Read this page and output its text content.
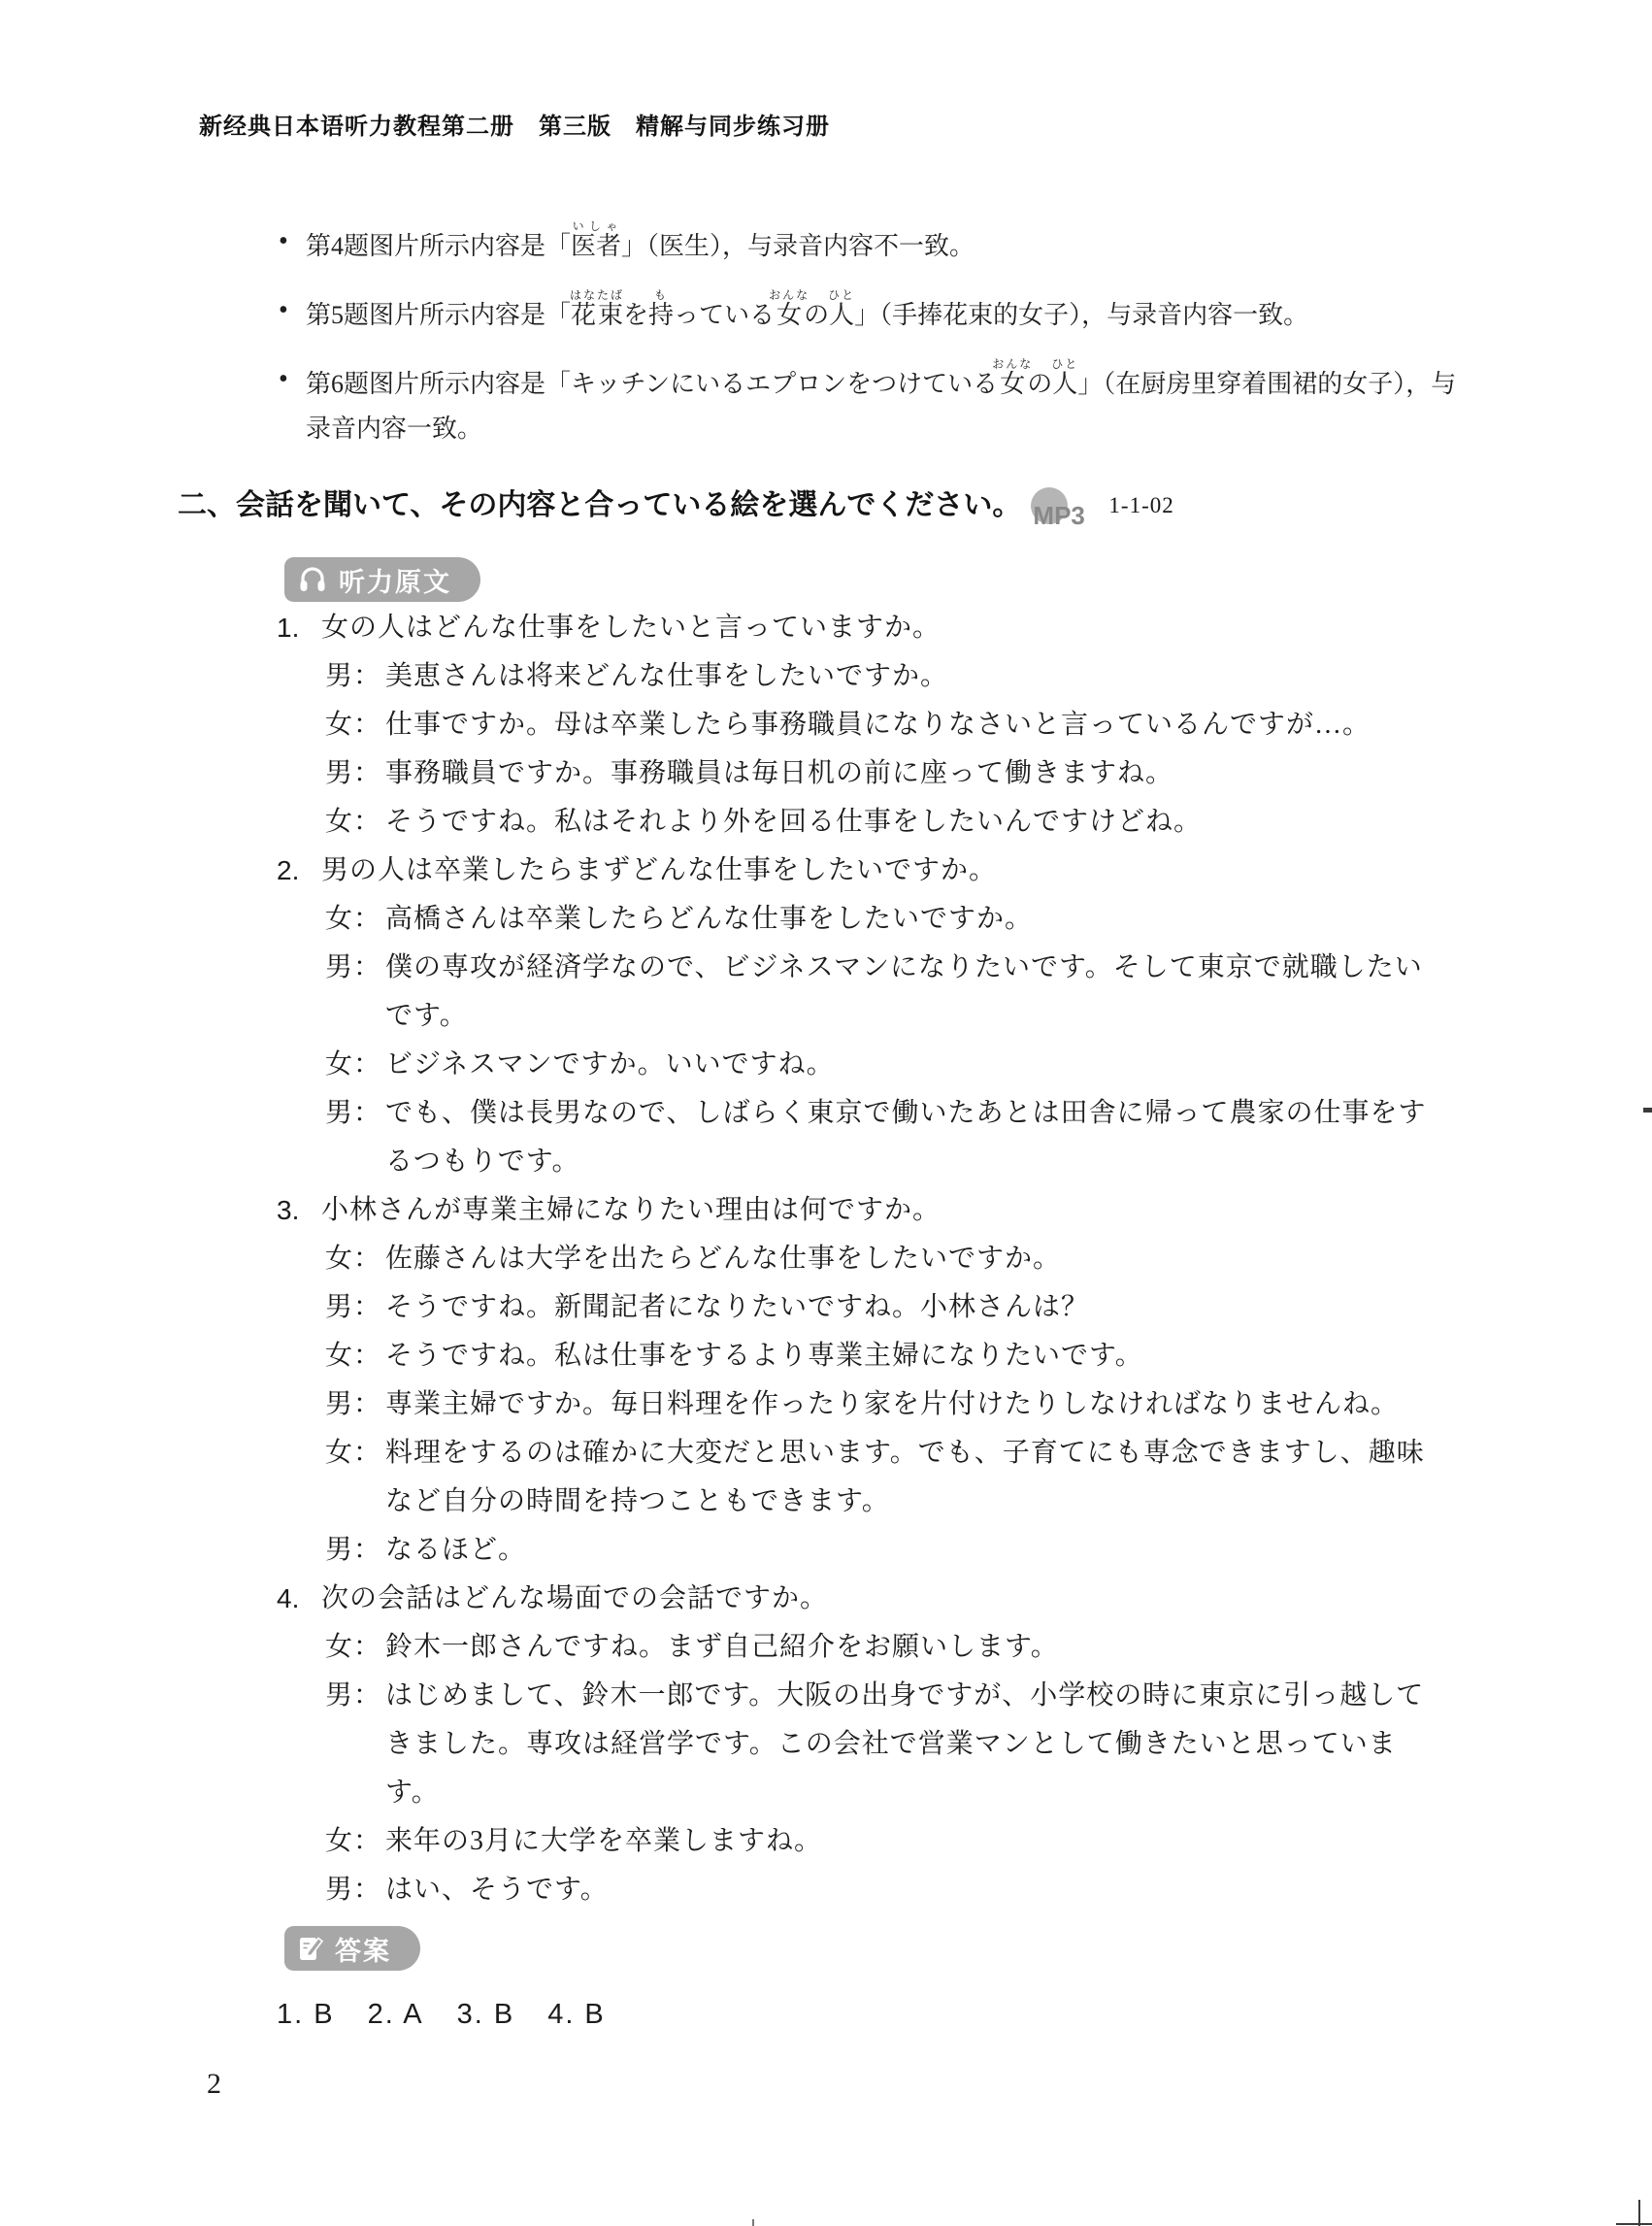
新经典日本语听力教程第二册　第三版　精解与同步练习册
• 第4题图片所示内容是「医者いしゃ」（医生），与录音内容不一致。
• 第5题图片所示内容是「花束はなたばを持もっている女おんなの人ひと」（手捧花束的女子），与录音内容一致。
• 第6题图片所示内容是「キッチンにいるエプロンをつけている女おんなの人ひと」（在厨房里穿着围裙的女子），与录音内容一致。
二、会話を聞いて、その内容と合っている絵を選んでください。 MP3 1-1-02
听力原文
1. 女の人はどんな仕事をしたいと言っていますか。
男： 美恵さんは将来どんな仕事をしたいですか。
女： 仕事ですか。母は卒業したら事務職員になりなさいと言っているんですが…。
男： 事務職員ですか。事務職員は毎日机の前に座って働きますね。
女： そうですね。私はそれより外を回る仕事をしたいんですけどね。
2. 男の人は卒業したらまずどんな仕事をしたいですか。
女： 高橋さんは卒業したらどんな仕事をしたいですか。
男： 僕の専攻が経済学なので、ビジネスマンになりたいです。そして東京で就職したいです。
女： ビジネスマンですか。いいですね。
男： でも、僕は長男なので、しばらく東京で働いたあとは田舎に帰って農家の仕事をするつもりです。
3. 小林さんが専業主婦になりたい理由は何ですか。
女： 佐藤さんは大学を出たらどんな仕事をしたいですか。
男： そうですね。新聞記者になりたいですね。小林さんは？
女： そうですね。私は仕事をするより専業主婦になりたいです。
男： 専業主婦ですか。毎日料理を作ったり家を片付けたりしなければなりませんね。
女： 料理をするのは確かに大変だと思います。でも、子育てにも専念できますし、趣味など自分の時間を持つこともできます。
男： なるほど。
4. 次の会話はどんな場面での会話ですか。
女： 鈴木一郎さんですね。まず自己紹介をお願いします。
男： はじめまして、鈴木一郎です。大阪の出身ですが、小学校の時に東京に引っ越してきました。専攻は経営学です。この会社で営業マンとして働きたいと思っています。
女： 来年の3月に大学を卒業しますね。
男： はい、そうです。
答案
1. B 2. A 3. B 4. B
2
